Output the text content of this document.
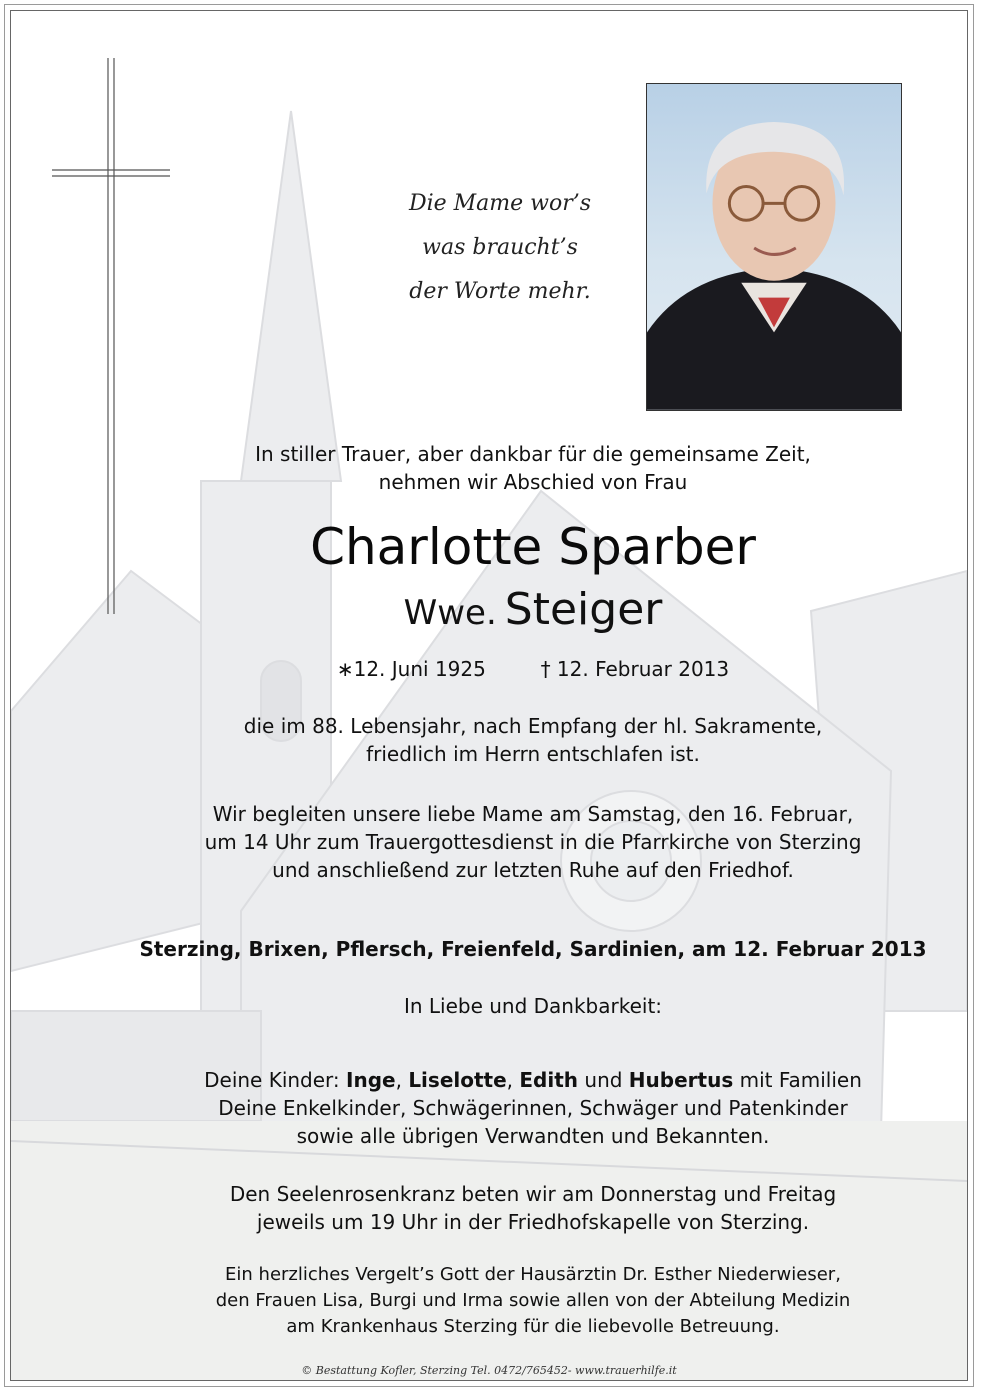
Die Mame wor’s
was braucht’s
der Worte mehr.
In stiller Trauer, aber dankbar für die gemeinsame Zeit,
nehmen wir Abschied von Frau
Charlotte Sparber
Wwe. Steiger
∗12. Juni 1925	† 12. Februar 2013
die im 88. Lebensjahr, nach Empfang der hl. Sakramente,
friedlich im Herrn entschlafen ist.
Wir begleiten unsere liebe Mame am Samstag, den 16. Februar,
um 14 Uhr zum Trauergottesdienst in die Pfarrkirche von Sterzing
und anschließend zur letzten Ruhe auf den Friedhof.
Sterzing, Brixen, Pflersch, Freienfeld, Sardinien, am 12. Februar 2013
In Liebe und Dankbarkeit:
Deine Kinder: Inge, Liselotte, Edith und Hubertus mit Familien
Deine Enkelkinder, Schwägerinnen, Schwäger und Patenkinder
sowie alle übrigen Verwandten und Bekannten.
Den Seelenrosenkranz beten wir am Donnerstag und Freitag
jeweils um 19 Uhr in der Friedhofskapelle von Sterzing.
Ein herzliches Vergelt’s Gott der Hausärztin Dr. Esther Niederwieser,
den Frauen Lisa, Burgi und Irma sowie allen von der Abteilung Medizin
am Krankenhaus Sterzing für die liebevolle Betreuung.
© Bestattung Kofler, Sterzing Tel. 0472/765452- www.trauerhilfe.it
